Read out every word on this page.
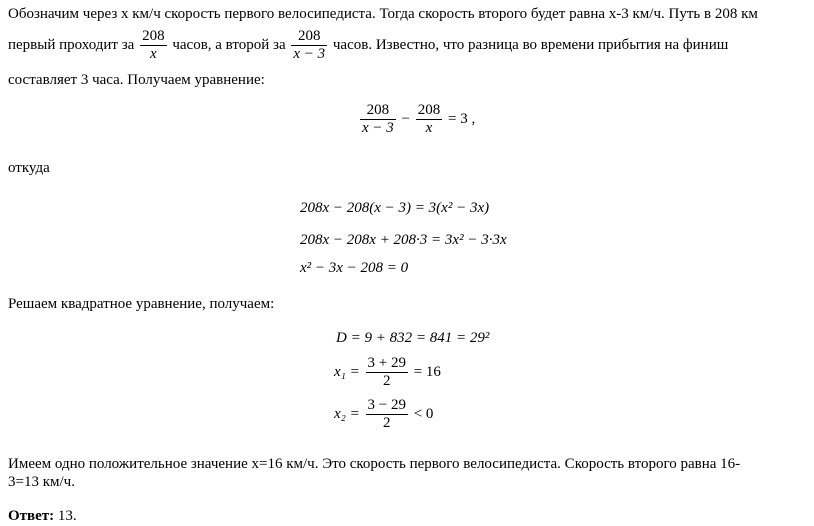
Обозначим через х км/ч скорость первого велосипедиста. Тогда скорость второго будет равна х-3 км/ч. Путь в 208 км
первый проходит за $\frac{208}{x}$ часов, а второй за $\frac{208}{x - 3}$ часов. Известно, что разница во времени прибытия на финиш
составляет 3 часа. Получаем уравнение:
$\frac{208}{x - 3} - \frac{208}{x} = 3$ ,
откуда
208x − 208(x − 3) = 3(x² − 3x)
208x − 208x + 208·3 = 3x² − 3·3x
x² − 3x − 208 = 0
Решаем квадратное уравнение, получаем:
D = 9 + 832 = 841 = 29²
$x_1 = \frac{3 + 29}{2} = 16$
$x_2 = \frac{3 - 29}{2} < 0$
Имеем одно положительное значение х=16 км/ч. Это скорость первого велосипедиста. Скорость второго равна 16-
3=13 км/ч.
Ответ: 13.
